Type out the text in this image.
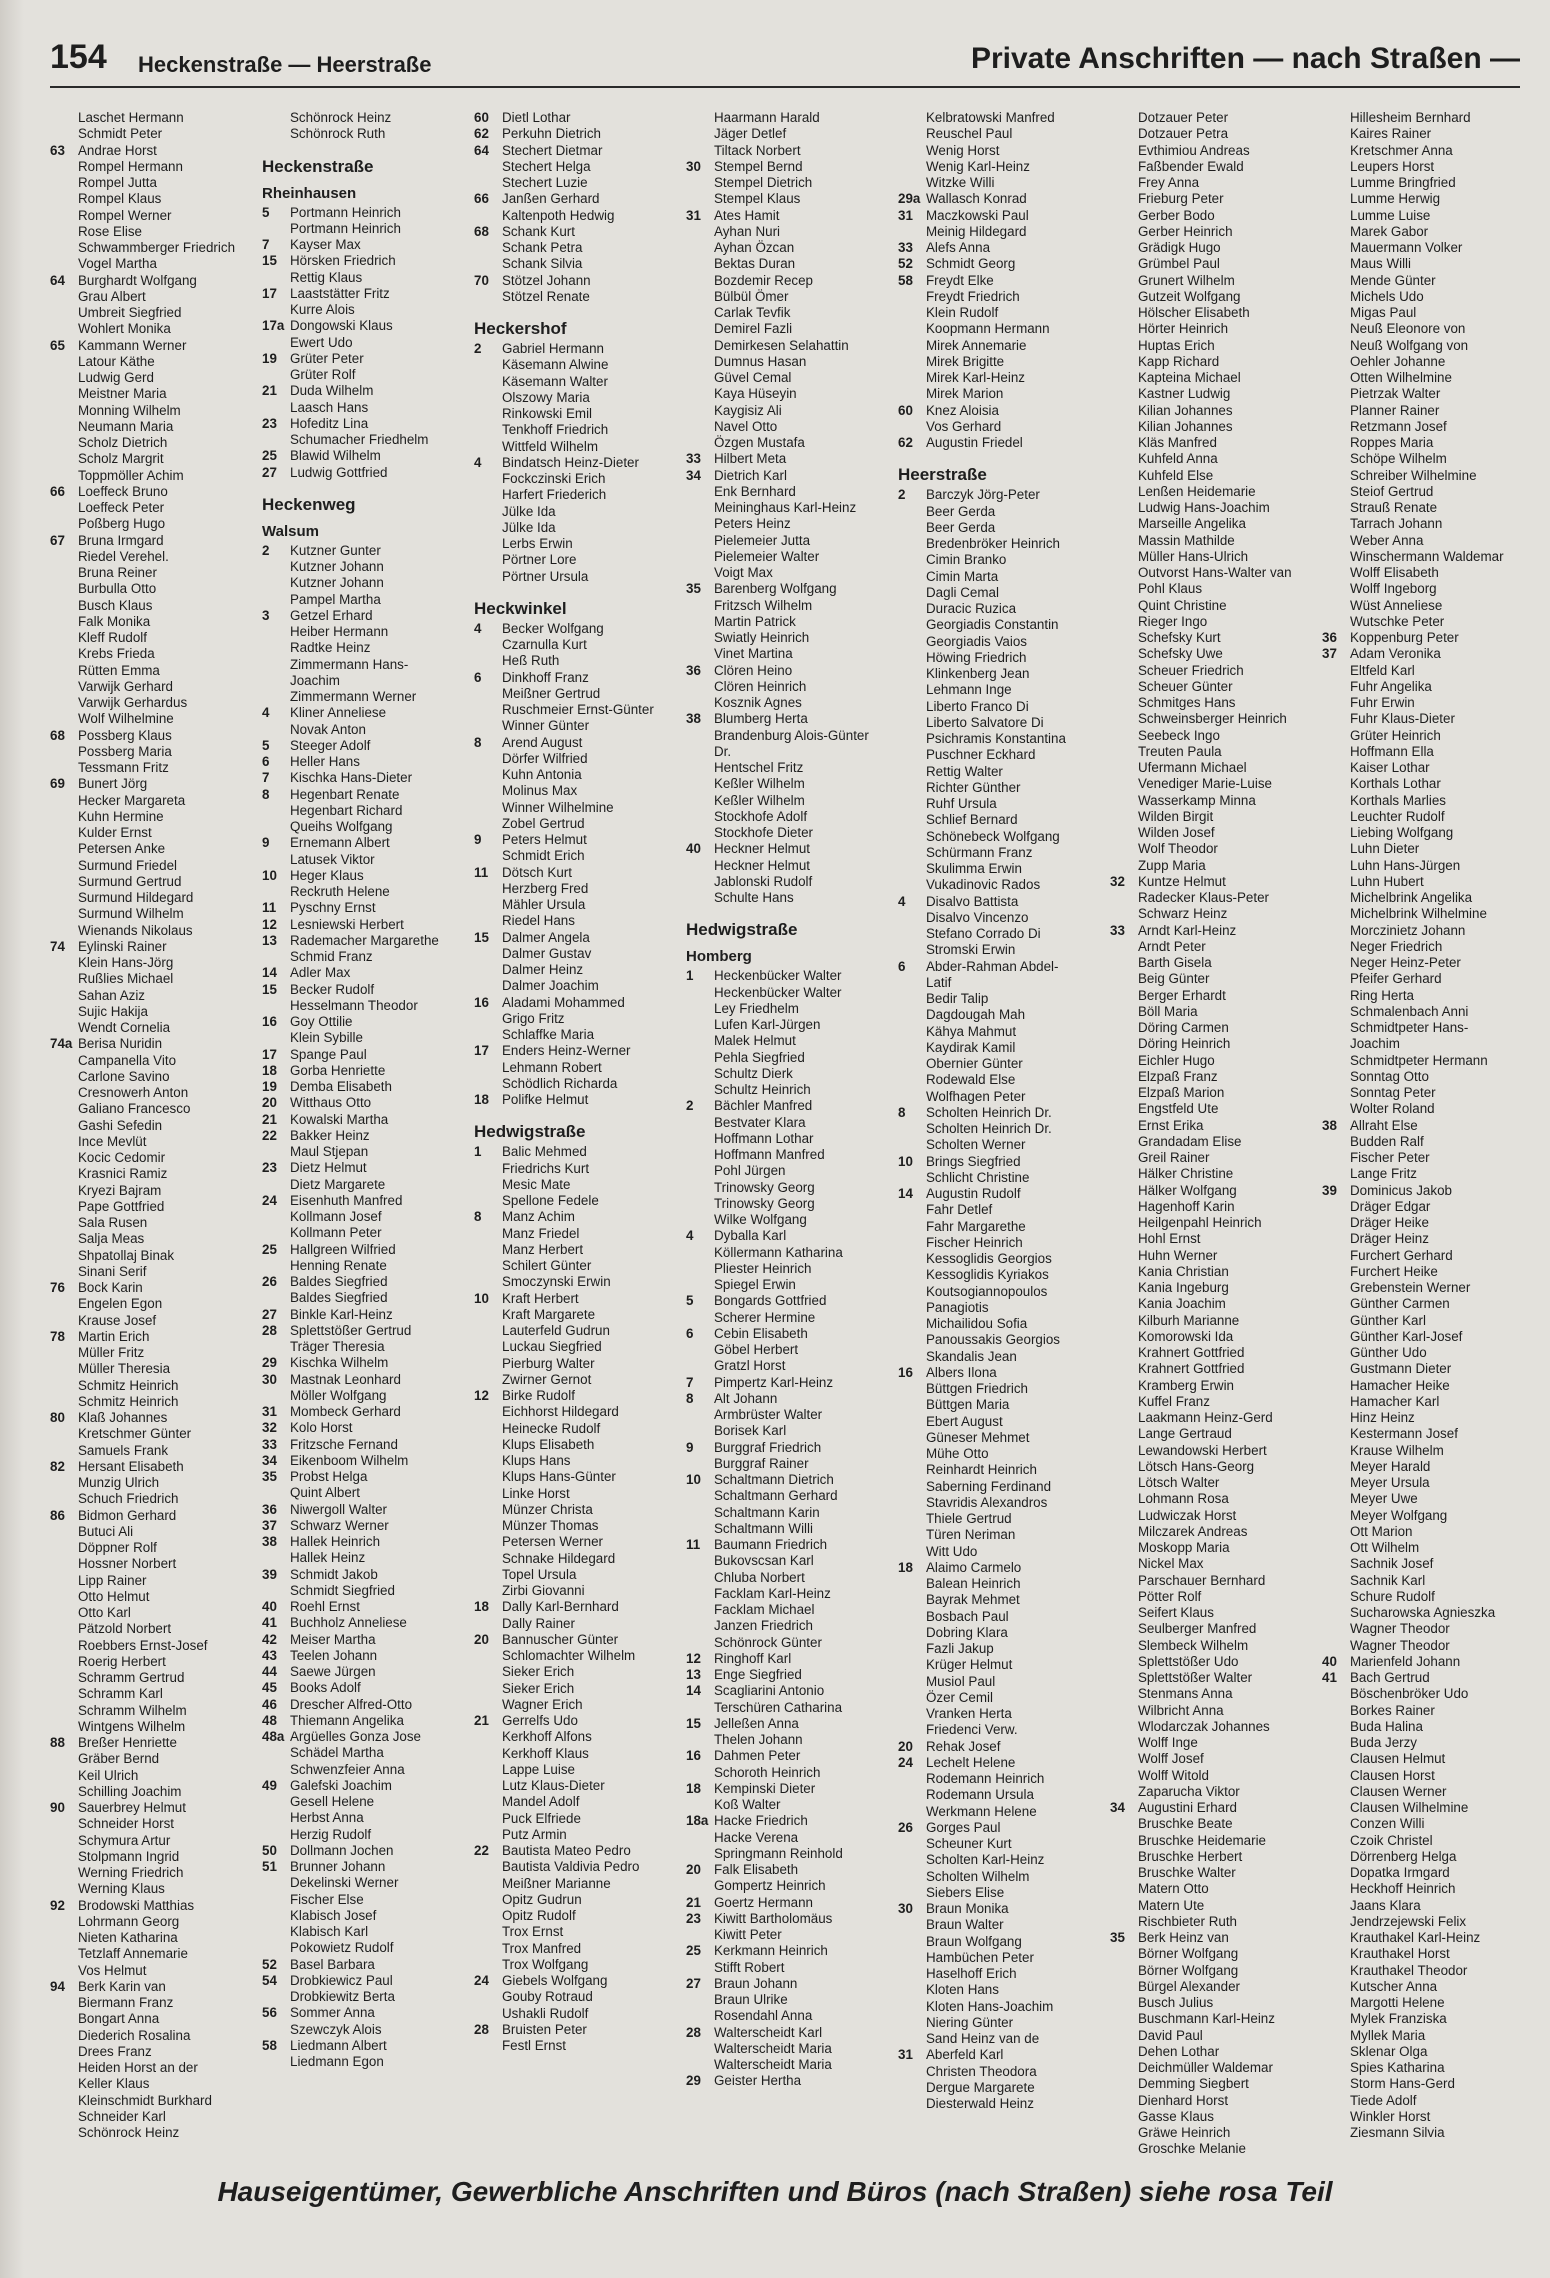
154 Heckenstraße — Heerstraße	Private Anschriften — nach Straßen —
Laschet Hermann
Schmidt Peter
63 Andrae Horst
Rompel Hermann
Rompel Jutta
Rompel Klaus
Rompel Werner
Rose Elise
Schwammberger Friedrich
Vogel Martha
64 Burghardt Wolfgang
Grau Albert
Umbreit Siegfried
Wohlert Monika
65 Kammann Werner
Latour Käthe
Ludwig Gerd
Meistner Maria
Monning Wilhelm
Neumann Maria
Scholz Dietrich
Scholz Margrit
Toppmöller Achim
66 Loeffeck Bruno
Loeffeck Peter
Poßberg Hugo
67 Bruna Irmgard
Riedel Verehel.
Bruna Reiner
Burbulla Otto
Busch Klaus
Falk Monika
Kleff Rudolf
Krebs Frieda
Rütten Emma
Varwijk Gerhard
Varwijk Gerhardus
Wolf Wilhelmine
68 Possberg Klaus
Possberg Maria
Tessmann Fritz
69 Bunert Jörg
Hecker Margareta
Kuhn Hermine
Kulder Ernst
Petersen Anke
Surmund Friedel
Surmund Gertrud
Surmund Hildegard
Surmund Wilhelm
Wienands Nikolaus
74 Eylinski Rainer
Klein Hans-Jörg
Rußlies Michael
Sahan Aziz
Sujic Hakija
Wendt Cornelia
74a Berisa Nuridin
Campanella Vito
Carlone Savino
Cresnowerh Anton
Galiano Francesco
Gashi Sefedin
Ince Mevlüt
Kocic Cedomir
Krasnici Ramiz
Kryezi Bajram
Pape Gottfried
Sala Rusen
Salja Meas
Shpatollaj Binak
Sinani Serif
76 Bock Karin
Engelen Egon
Krause Josef
78 Martin Erich
Müller Fritz
Müller Theresia
Schmitz Heinrich
Schmitz Heinrich
80 Klaß Johannes
Kretschmer Günter
Samuels Frank
82 Hersant Elisabeth
Munzig Ulrich
Schuch Friedrich
86 Bidmon Gerhard
Butuci Ali
Döppner Rolf
Hossner Norbert
Lipp Rainer
Otto Helmut
Otto Karl
Pätzold Norbert
Roebbers Ernst-Josef
Roerig Herbert
Schramm Gertrud
Schramm Karl
Schramm Wilhelm
Wintgens Wilhelm
88 Breßer Henriette
Gräber Bernd
Keil Ulrich
Schilling Joachim
90 Sauerbrey Helmut
Schneider Horst
Schymura Artur
Stolpmann Ingrid
Werning Friedrich
Werning Klaus
92 Brodowski Matthias
Lohrmann Georg
Nieten Katharina
Tetzlaff Annemarie
Vos Helmut
94 Berk Karin van
Biermann Franz
Bongart Anna
Diederich Rosalina
Drees Franz
Heiden Horst an der
Keller Klaus
Kleinschmidt Burkhard
Schneider Karl
Schönrock Heinz
Schönrock Heinz
Schönrock Ruth
Heckenstraße
Rheinhausen
5	Portmann Heinrich
Portmann Heinrich
7	Kayser Max
15 Hörsken Friedrich
Rettig Klaus
17 Laaststätter Fritz
Kurre Alois
17a Dongowski Klaus
Ewert Udo
19 Grüter Peter
Grüter Rolf
21 Duda Wilhelm
Laasch Hans
23 Hofeditz Lina
Schumacher Friedhelm
25 Blawid Wilhelm
27 Ludwig Gottfried
Heckenweg
Walsum
2	Kutzner Gunter
Kutzner Johann
Kutzner Johann
Pampel Martha
3	Getzel Erhard
Heiber Hermann
Radtke Heinz
Zimmermann Hans-
Joachim
Zimmermann Werner
4	Kliner Anneliese
Novak Anton
5	Steeger Adolf
6	Heller Hans
7	Kischka Hans-Dieter
8	Hegenbart Renate
Hegenbart Richard
Queihs Wolfgang
9	Ernemann Albert
Latusek Viktor
10 Heger Klaus
Reckruth Helene
11	Pyschny Ernst
12 Lesniewski Herbert
13 Rademacher Margarethe
Schmid Franz
14 Adler Max
15 Becker Rudolf
Hesselmann Theodor
16 Goy Ottilie
Klein Sybille
17 Spange Paul
18 Gorba Henriette
19 Demba Elisabeth
20 Witthaus Otto
21 Kowalski Martha
22 Bakker Heinz
Maul Stjepan
23 Dietz Helmut
Dietz Margarete
24 Eisenhuth Manfred
Kollmann Josef
Kollmann Peter
25 Hallgreen Wilfried
Henning Renate
26 Baldes Siegfried
Baldes Siegfried
27 Binkle Karl-Heinz
28 Splettstößer Gertrud
Träger Theresia
29 Kischka Wilhelm
30 Mastnak Leonhard
Möller Wolfgang
31 Mombeck Gerhard
32 Kolo Horst
33 Fritzsche Fernand
34 Eikenboom Wilhelm
35 Probst Helga
Quint Albert
36 Niwergoll Walter
37 Schwarz Werner
38 Hallek Heinrich
Hallek Heinz
39 Schmidt Jakob
Schmidt Siegfried
40 Roehl Ernst
41 Buchholz Anneliese
42 Meiser Martha
43 Teelen Johann
44 Saewe Jürgen
45 Books Adolf
46 Drescher Alfred-Otto
48 Thiemann Angelika
48a Argüelles Gonza Jose
Schädel Martha
Schwenzfeier Anna
49 Galefski Joachim
Gesell Helene
Herbst Anna
Herzig Rudolf
50 Dollmann Jochen
51 Brunner Johann
Dekelinski Werner
Fischer Else
Klabisch Josef
Klabisch Karl
Pokowietz Rudolf
52 Basel Barbara
54 Drobkiewicz Paul
Drobkiewitz Berta
56 Sommer Anna
Szewczyk Alois
58 Liedmann Albert
Liedmann Egon
60 Dietl Lothar
62 Perkuhn Dietrich
64 Stechert Dietmar
Stechert Helga
Stechert Luzie
66 Janßen Gerhard
Kaltenpoth Hedwig
68 Schank Kurt
Schank Petra
Schank Silvia
70 Stötzel Johann
Stötzel Renate
Heckershof
2	Gabriel Hermann
Käsemann Alwine
Käsemann Walter
Olszowy Maria
Rinkowski Emil
Tenkhoff Friedrich
Wittfeld Wilhelm
4	Bindatsch Heinz-Dieter
Fockczinski Erich
Harfert Friederich
Jülke Ida
Jülke Ida
Lerbs Erwin
Pörtner Lore
Pörtner Ursula
Heckwinkel
4	Becker Wolfgang
Czarnulla Kurt
Heß Ruth
6	Dinkhoff Franz
Meißner Gertrud
Ruschmeier Ernst-Günter
Winner Günter
8	Arend August
Dörfer Wilfried
Kuhn Antonia
Molinus Max
Winner Wilhelmine
Zobel Gertrud
9	Peters Helmut
Schmidt Erich
11	Dötsch Kurt
Herzberg Fred
Mähler Ursula
Riedel Hans
15 Dalmer Angela
Dalmer Gustav
Dalmer Heinz
Dalmer Joachim
16 Aladami Mohammed
Grigo Fritz
Schlaffke Maria
17 Enders Heinz-Werner
Lehmann Robert
Schödlich Richarda
18 Polifke Helmut
Hedwigstraße
1	Balic Mehmed
Friedrichs Kurt
Mesic Mate
Spellone Fedele
8	Manz Achim
Manz Friedel
Manz Herbert
Schilert Günter
Smoczynski Erwin
10 Kraft Herbert
Kraft Margarete
Lauterfeld Gudrun
Luckau Siegfried
Pierburg Walter
Zwirner Gernot
12 Birke Rudolf
Eichhorst Hildegard
Heinecke Rudolf
Klups Elisabeth
Klups Hans
Klups Hans-Günter
Linke Horst
Münzer Christa
Münzer Thomas
Petersen Werner
Schnake Hildegard
Topel Ursula
Zirbi Giovanni
18 Dally Karl-Bernhard
Dally Rainer
20 Bannuscher Günter
Schlomachter Wilhelm
Sieker Erich
Sieker Erich
Wagner Erich
21 Gerrelfs Udo
Kerkhoff Alfons
Kerkhoff Klaus
Lappe Luise
Lutz Klaus-Dieter
Mandel Adolf
Puck Elfriede
Putz Armin
22 Bautista Mateo Pedro
Bautista Valdivia Pedro
Meißner Marianne
Opitz Gudrun
Opitz Rudolf
Trox Ernst
Trox Manfred
Trox Wolfgang
24 Giebels Wolfgang
Gouby Rotraud
Ushakli Rudolf
28 Bruisten Peter
Festl Ernst
Haarmann Harald
Jäger Detlef
Tiltack Norbert
30 Stempel Bernd
Stempel Dietrich
Stempel Klaus
31 Ates Hamit
Ayhan Nuri
Ayhan Özcan
Bektas Duran
Bozdemir Recep
Bülbül Ömer
Carlak Tevfik
Demirel Fazli
Demirkesen Selahattin
Dumnus Hasan
Güvel Cemal
Kaya Hüseyin
Kaygisiz Ali
Navel Otto
Özgen Mustafa
33 Hilbert Meta
34 Dietrich Karl
Enk Bernhard
Meininghaus Karl-Heinz
Peters Heinz
Pielemeier Jutta
Pielemeier Walter
Voigt Max
35 Barenberg Wolfgang
Fritzsch Wilhelm
Martin Patrick
Swiatly Heinrich
Vinet Martina
36 Clören Heino
Clören Heinrich
Kosznik Agnes
38 Blumberg Herta
Brandenburg Alois-Günter
Dr.
Hentschel Fritz
Keßler Wilhelm
Keßler Wilhelm
Stockhofe Adolf
Stockhofe Dieter
40 Heckner Helmut
Heckner Helmut
Jablonski Rudolf
Schulte Hans
Hedwigstraße
Homberg
1	Heckenbücker Walter
Heckenbücker Walter
Ley Friedhelm
Lufen Karl-Jürgen
Malek Helmut
Pehla Siegfried
Schultz Dierk
Schultz Heinrich
2	Bächler Manfred
Bestvater Klara
Hoffmann Lothar
Hoffmann Manfred
Pohl Jürgen
Trinowsky Georg
Trinowsky Georg
Wilke Wolfgang
4	Dyballa Karl
Köllermann Katharina
Pliester Heinrich
Spiegel Erwin
5	Bongards Gottfried
Scherer Hermine
6	Cebin Elisabeth
Göbel Herbert
Gratzl Horst
7	Pimpertz Karl-Heinz
8	Alt Johann
Armbrüster Walter
Borisek Karl
9	Burggraf Friedrich
Burggraf Rainer
10 Schaltmann Dietrich
Schaltmann Gerhard
Schaltmann Karin
Schaltmann Willi
11	Baumann Friedrich
Bukovscsan Karl
Chluba Norbert
Facklam Karl-Heinz
Facklam Michael
Janzen Friedrich
Schönrock Günter
12 Ringhoff Karl
13 Enge Siegfried
14 Scagliarini Antonio
Terschüren Catharina
15 Jelleßen Anna
Thelen Johann
16 Dahmen Peter
Schoroth Heinrich
18 Kempinski Dieter
Koß Walter
18a Hacke Friedrich
Hacke Verena
Springmann Reinhold
20 Falk Elisabeth
Gompertz Heinrich
21 Goertz Hermann
23 Kiwitt Bartholomäus
Kiwitt Peter
25 Kerkmann Heinrich
Stifft Robert
27 Braun Johann
Braun Ulrike
Rosendahl Anna
28 Walterscheidt Karl
Walterscheidt Maria
Walterscheidt Maria
29 Geister Hertha
Kelbratowski Manfred
Reuschel Paul
Wenig Horst
Wenig Karl-Heinz
Witzke Willi
29a Wallasch Konrad
31 Maczkowski Paul
Meinig Hildegard
33 Alefs Anna
52 Schmidt Georg
58 Freydt Elke
Freydt Friedrich
Klein Rudolf
Koopmann Hermann
Mirek Annemarie
Mirek Brigitte
Mirek Karl-Heinz
Mirek Marion
60 Knez Aloisia
Vos Gerhard
62 Augustin Friedel
Heerstraße
2	Barczyk Jörg-Peter
Beer Gerda
Beer Gerda
Bredenbröker Heinrich
Cimin Branko
Cimin Marta
Dagli Cemal
Duracic Ruzica
Georgiadis Constantin
Georgiadis Vaios
Höwing Friedrich
Klinkenberg Jean
Lehmann Inge
Liberto Franco Di
Liberto Salvatore Di
Psichramis Konstantina
Puschner Eckhard
Rettig Walter
Richter Günther
Ruhf Ursula
Schlief Bernard
Schönebeck Wolfgang
Schürmann Franz
Skulimma Erwin
Vukadinovic Rados
4	Disalvo Battista
Disalvo Vincenzo
Stefano Corrado Di
Stromski Erwin
6	Abder-Rahman Abdel-
Latif
Bedir Talip
Dagdougah Mah
Kähya Mahmut
Kaydirak Kamil
Obernier Günter
Rodewald Else
Wolfhagen Peter
8	Scholten Heinrich Dr.
Scholten Heinrich Dr.
Scholten Werner
10 Brings Siegfried
Schlicht Christine
14 Augustin Rudolf
Fahr Detlef
Fahr Margarethe
Fischer Heinrich
Kessoglidis Georgios
Kessoglidis Kyriakos
Koutsogiannopoulos
Panagiotis
Michailidou Sofia
Panoussakis Georgios
Skandalis Jean
16 Albers Ilona
Büttgen Friedrich
Büttgen Maria
Ebert August
Güneser Mehmet
Mühe Otto
Reinhardt Heinrich
Saberning Ferdinand
Stavridis Alexandros
Thiele Gertrud
Türen Neriman
Witt Udo
18 Alaimo Carmelo
Balean Heinrich
Bayrak Mehmet
Bosbach Paul
Dobring Klara
Fazli Jakup
Krüger Helmut
Musiol Paul
Özer Cemil
Vranken Herta
Friedenci Verw.
20 Rehak Josef
24 Lechelt Helene
Rodemann Heinrich
Rodemann Ursula
Werkmann Helene
26 Gorges Paul
Scheuner Kurt
Scholten Karl-Heinz
Scholten Wilhelm
Siebers Elise
30 Braun Monika
Braun Walter
Braun Wolfgang
Hambüchen Peter
Haselhoff Erich
Kloten Hans
Kloten Hans-Joachim
Niering Günter
Sand Heinz van de
31 Aberfeld Karl
Christen Theodora
Dergue Margarete
Diesterwald Heinz
Dotzauer Peter
Dotzauer Petra
Evthimiou Andreas
Faßbender Ewald
Frey Anna
Frieburg Peter
Gerber Bodo
Gerber Heinrich
Grädigk Hugo
Grümbel Paul
Grunert Wilhelm
Gutzeit Wolfgang
Hölscher Elisabeth
Hörter Heinrich
Huptas Erich
Kapp Richard
Kapteina Michael
Kastner Ludwig
Kilian Johannes
Kilian Johannes
Kläs Manfred
Kuhfeld Anna
Kuhfeld Else
Lenßen Heidemarie
Ludwig Hans-Joachim
Marseille Angelika
Massin Mathilde
Müller Hans-Ulrich
Outvorst Hans-Walter van
Pohl Klaus
Quint Christine
Rieger Ingo
Schefsky Kurt
Schefsky Uwe
Scheuer Friedrich
Scheuer Günter
Schmitges Hans
Schweinsberger Heinrich
Seebeck Ingo
Treuten Paula
Ufermann Michael
Venediger Marie-Luise
Wasserkamp Minna
Wilden Birgit
Wilden Josef
Wolf Theodor
Zupp Maria
32 Kuntze Helmut
Radecker Klaus-Peter
Schwarz Heinz
33 Arndt Karl-Heinz
Arndt Peter
Barth Gisela
Beig Günter
Berger Erhardt
Böll Maria
Döring Carmen
Döring Heinrich
Eichler Hugo
Elzpaß Franz
Elzpaß Marion
Engstfeld Ute
Ernst Erika
Grandadam Elise
Greil Rainer
Hälker Christine
Hälker Wolfgang
Hagenhoff Karin
Heilgenpahl Heinrich
Hohl Ernst
Huhn Werner
Kania Christian
Kania Ingeburg
Kania Joachim
Kilburh Marianne
Komorowski Ida
Krahnert Gottfried
Krahnert Gottfried
Kramberg Erwin
Kuffel Franz
Laakmann Heinz-Gerd
Lange Gertraud
Lewandowski Herbert
Lötsch Hans-Georg
Lötsch Walter
Lohmann Rosa
Ludwiczak Horst
Milczarek Andreas
Moskopp Maria
Nickel Max
Parschauer Bernhard
Pötter Rolf
Seifert Klaus
Seulberger Manfred
Slembeck Wilhelm
Splettstößer Udo
Splettstößer Walter
Stenmans Anna
Wilbricht Anna
Wlodarczak Johannes
Wolff Inge
Wolff Josef
Wolff Witold
Zaparucha Viktor
34 Augustini Erhard
Bruschke Beate
Bruschke Heidemarie
Bruschke Herbert
Bruschke Walter
Matern Otto
Matern Ute
Rischbieter Ruth
35 Berk Heinz van
Börner Wolfgang
Börner Wolfgang
Bürgel Alexander
Busch Julius
Buschmann Karl-Heinz
David Paul
Dehen Lothar
Deichmüller Waldemar
Demming Siegbert
Dienhard Horst
Gasse Klaus
Gräwe Heinrich
Groschke Melanie
Hillesheim Bernhard
Kaires Rainer
Kretschmer Anna
Leupers Horst
Lumme Bringfried
Lumme Herwig
Lumme Luise
Marek Gabor
Mauermann Volker
Maus Willi
Mende Günter
Michels Udo
Migas Paul
Neuß Eleonore von
Neuß Wolfgang von
Oehler Johanne
Otten Wilhelmine
Pietrzak Walter
Planner Rainer
Retzmann Josef
Roppes Maria
Schöpe Wilhelm
Schreiber Wilhelmine
Steiof Gertrud
Strauß Renate
Tarrach Johann
Weber Anna
Winschermann Waldemar
Wolff Elisabeth
Wolff Ingeborg
Wüst Anneliese
Wutschke Peter
36 Koppenburg Peter
37 Adam Veronika
Eltfeld Karl
Fuhr Angelika
Fuhr Erwin
Fuhr Klaus-Dieter
Grüter Heinrich
Hoffmann Ella
Kaiser Lothar
Korthals Lothar
Korthals Marlies
Leuchter Rudolf
Liebing Wolfgang
Luhn Dieter
Luhn Hans-Jürgen
Luhn Hubert
Michelbrink Angelika
Michelbrink Wilhelmine
Morczinietz Johann
Neger Friedrich
Neger Heinz-Peter
Pfeifer Gerhard
Ring Herta
Schmalenbach Anni
Schmidtpeter Hans-
Joachim
Schmidtpeter Hermann
Sonntag Otto
Sonntag Peter
Wolter Roland
38 Allraht Else
Budden Ralf
Fischer Peter
Lange Fritz
39 Dominicus Jakob
Dräger Edgar
Dräger Heike
Dräger Heinz
Furchert Gerhard
Furchert Heike
Grebenstein Werner
Günther Carmen
Günther Karl
Günther Karl-Josef
Günther Udo
Gustmann Dieter
Hamacher Heike
Hamacher Karl
Hinz Heinz
Kestermann Josef
Krause Wilhelm
Meyer Harald
Meyer Ursula
Meyer Uwe
Meyer Wolfgang
Ott Marion
Ott Wilhelm
Sachnik Josef
Sachnik Karl
Schure Rudolf
Sucharowska Agnieszka
Wagner Theodor
Wagner Theodor
40 Marienfeld Johann
41 Bach Gertrud
Böschenbröker Udo
Borkes Rainer
Buda Halina
Buda Jerzy
Clausen Helmut
Clausen Horst
Clausen Werner
Clausen Wilhelmine
Conzen Willi
Czoik Christel
Dörrenberg Helga
Dopatka Irmgard
Heckhoff Heinrich
Jaans Klara
Jendrzejewski Felix
Krauthakel Karl-Heinz
Krauthakel Horst
Krauthakel Theodor
Kutscher Anna
Margotti Helene
Mylek Franziska
Myllek Maria
Sklenar Olga
Spies Katharina
Storm Hans-Gerd
Tiede Adolf
Winkler Horst
Ziesmann Silvia
Hauseigentümer, Gewerbliche Anschriften und Büros (nach Straßen) siehe rosa Teil
